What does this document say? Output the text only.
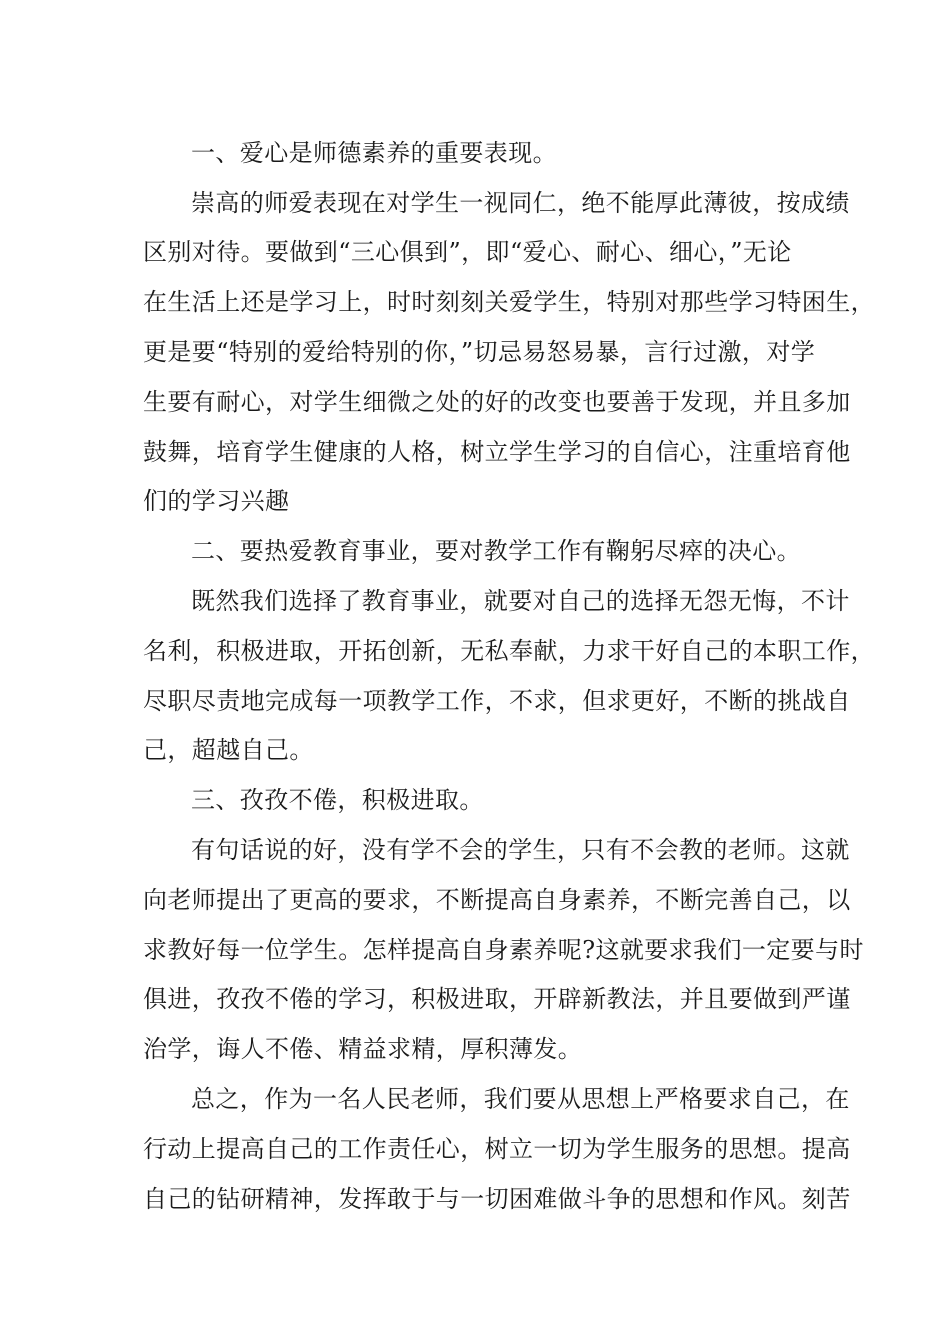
一、爱心是师德素养的重要表现。
崇高的师爱表现在对学生一视同仁，绝不能厚此薄彼，按成绩
区别对待。要做到“三心俱到”，即“爱心、耐心、细心，”无论
在生活上还是学习上，时时刻刻关爱学生，特别对那些学习特困生，
更是要“特别的爱给特别的你，”切忌易怒易暴，言行过激，对学
生要有耐心，对学生细微之处的好的改变也要善于发现，并且多加
鼓舞，培育学生健康的人格，树立学生学习的自信心，注重培育他
们的学习兴趣
二、要热爱教育事业，要对教学工作有鞠躬尽瘁的决心。
既然我们选择了教育事业，就要对自己的选择无怨无悔，不计
名利，积极进取，开拓创新，无私奉献，力求干好自己的本职工作，
尽职尽责地完成每一项教学工作，不求，但求更好，不断的挑战自
己，超越自己。
三、孜孜不倦，积极进取。
有句话说的好，没有学不会的学生，只有不会教的老师。这就
向老师提出了更高的要求，不断提高自身素养，不断完善自己，以
求教好每一位学生。怎样提高自身素养呢?这就要求我们一定要与时
俱进，孜孜不倦的学习，积极进取，开辟新教法，并且要做到严谨
治学，诲人不倦、精益求精，厚积薄发。
总之，作为一名人民老师，我们要从思想上严格要求自己，在
行动上提高自己的工作责任心，树立一切为学生服务的思想。提高
自己的钻研精神，发挥敢于与一切困难做斗争的思想和作风。刻苦
